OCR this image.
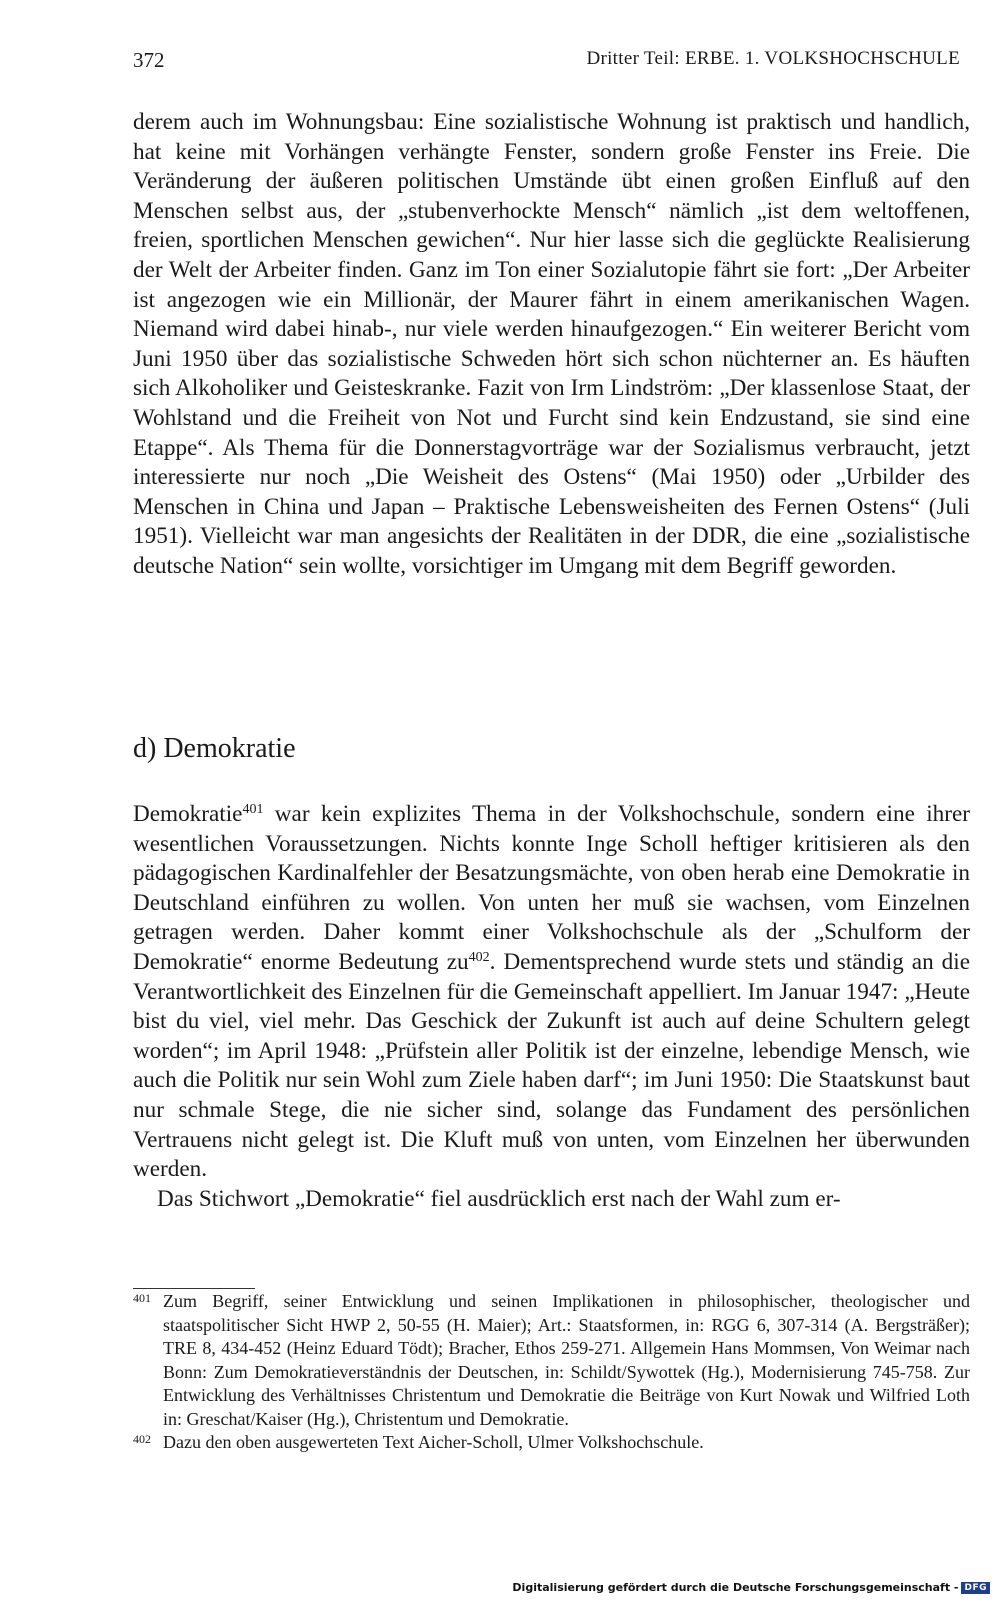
372	Dritter Teil: ERBE. 1. VOLKSHOCHSCHULE

derem auch im Wohnungsbau: Eine sozialistische Wohnung ist praktisch und handlich, hat keine mit Vorhängen verhängte Fenster, sondern große Fenster ins Freie. Die Veränderung der äußeren politischen Umstände übt einen großen Einfluß auf den Menschen selbst aus, der „stubenverhockte Mensch“ nämlich „ist dem weltoffenen, freien, sportlichen Menschen gewichen“. Nur hier lasse sich die geglückte Realisierung der Welt der Arbeiter finden. Ganz im Ton einer Sozialutopie fährt sie fort: „Der Arbeiter ist angezogen wie ein Millionär, der Maurer fährt in einem amerikanischen Wagen. Niemand wird dabei hinab-, nur viele werden hinaufgezogen.“ Ein weiterer Bericht vom Juni 1950 über das sozialistische Schweden hört sich schon nüchterner an. Es häuften sich Alkoholiker und Geisteskranke. Fazit von Irm Lindström: „Der klassenlose Staat, der Wohlstand und die Freiheit von Not und Furcht sind kein Endzustand, sie sind eine Etappe“. Als Thema für die Donnerstagvorträge war der Sozialismus verbraucht, jetzt interessierte nur noch „Die Weisheit des Ostens“ (Mai 1950) oder „Urbilder des Menschen in China und Japan – Praktische Lebensweisheiten des Fernen Ostens“ (Juli 1951). Vielleicht war man angesichts der Realitäten in der DDR, die eine „sozialistische deutsche Nation“ sein wollte, vorsichtiger im Umgang mit dem Begriff geworden.

d) Demokratie

Demokratie$^{401}$ war kein explizites Thema in der Volkshochschule, sondern eine ihrer wesentlichen Voraussetzungen. Nichts konnte Inge Scholl heftiger kritisieren als den pädagogischen Kardinalfehler der Besatzungsmächte, von oben herab eine Demokratie in Deutschland einführen zu wollen. Von unten her muß sie wachsen, vom Einzelnen getragen werden. Daher kommt einer Volkshochschule als der „Schulform der Demokratie“ enorme Bedeutung zu$^{402}$. Dementsprechend wurde stets und ständig an die Verantwortlichkeit des Einzelnen für die Gemeinschaft appelliert. Im Januar 1947: „Heute bist du viel, viel mehr. Das Geschick der Zukunft ist auch auf deine Schultern gelegt worden“; im April 1948: „Prüfstein aller Politik ist der einzelne, lebendige Mensch, wie auch die Politik nur sein Wohl zum Ziele haben darf“; im Juni 1950: Die Staatskunst baut nur schmale Stege, die nie sicher sind, solange das Fundament des persönlichen Vertrauens nicht gelegt ist. Die Kluft muß von unten, vom Einzelnen her überwunden werden.

Das Stichwort „Demokratie“ fiel ausdrücklich erst nach der Wahl zum er-

401 Zum Begriff, seiner Entwicklung und seinen Implikationen in philosophischer, theologischer und staatspolitischer Sicht HWP 2, 50-55 (H. Maier); Art.: Staatsformen, in: RGG 6, 307-314 (A. Bergsträßer); TRE 8, 434-452 (Heinz Eduard Tödt); Bracher, Ethos 259-271. Allgemein Hans Mommsen, Von Weimar nach Bonn: Zum Demokratieverständnis der Deutschen, in: Schildt/Sywottek (Hg.), Modernisierung 745-758. Zur Entwicklung des Verhältnisses Christentum und Demokratie die Beiträge von Kurt Nowak und Wilfried Loth in: Greschat/Kaiser (Hg.), Christentum und Demokratie.

402 Dazu den oben ausgewerteten Text Aicher-Scholl, Ulmer Volkshochschule.

Digitalisierung gefördert durch die Deutsche Forschungsgemeinschaft - DFG
